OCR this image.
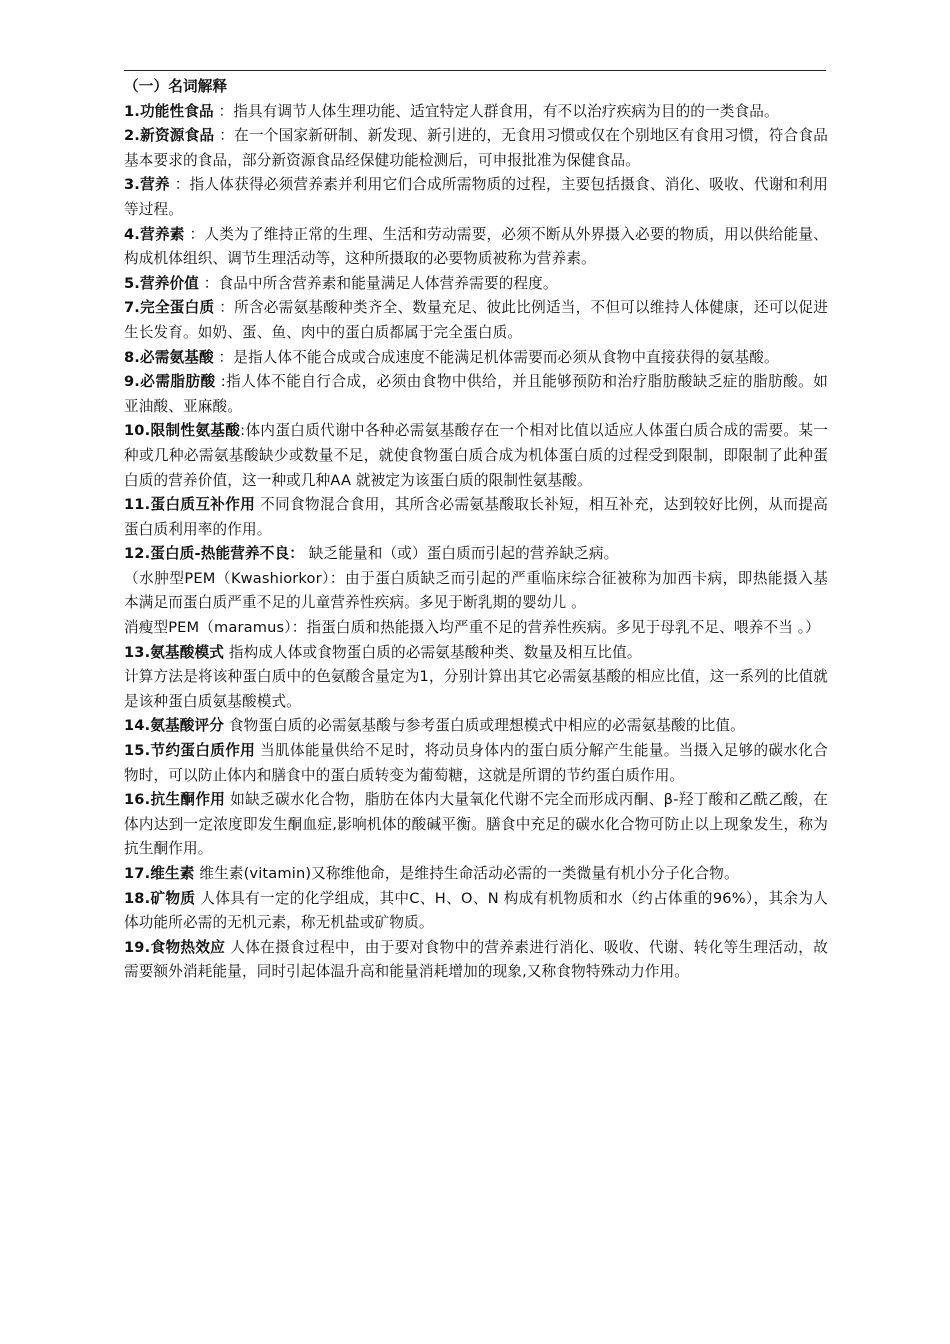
（一）名词解释

1.功能性食品 ：指具有调节人体生理功能、适宜特定人群食用，有不以治疗疾病为目的的一类食品。

2.新资源食品 ：在一个国家新研制、新发现、新引进的，无食用习惯或仅在个别地区有食用习惯，符合食品基本要求的食品，部分新资源食品经保健功能检测后，可申报批准为保健食品。

3.营养 ：指人体获得必须营养素并利用它们合成所需物质的过程，主要包括摄食、消化、吸收、代谢和利用等过程。

4.营养素 ：人类为了维持正常的生理、生活和劳动需要，必须不断从外界摄入必要的物质，用以供给能量、构成机体组织、调节生理活动等，这种所摄取的必要物质被称为营养素。

5.营养价值 ：食品中所含营养素和能量满足人体营养需要的程度。

7.完全蛋白质 ：所含必需氨基酸种类齐全、数量充足、彼此比例适当，不但可以维持人体健康，还可以促进生长发育。如奶、蛋、鱼、肉中的蛋白质都属于完全蛋白质。

8.必需氨基酸 ：是指人体不能合成或合成速度不能满足机体需要而必须从食物中直接获得的氨基酸。

9.必需脂肪酸 :指人体不能自行合成，必须由食物中供给，并且能够预防和治疗脂肪酸缺乏症的脂肪酸。如亚油酸、亚麻酸。

10.限制性氨基酸:体内蛋白质代谢中各种必需氨基酸存在一个相对比值以适应人体蛋白质合成的需要。某一种或几种必需氨基酸缺少或数量不足，就使食物蛋白质合成为机体蛋白质的过程受到限制，即限制了此种蛋白质的营养价值，这一种或几种AA 就被定为该蛋白质的限制性氨基酸。

11.蛋白质互补作用 不同食物混合食用，其所含必需氨基酸取长补短，相互补充，达到较好比例，从而提高蛋白质利用率的作用。

12.蛋白质-热能营养不良： 缺乏能量和（或）蛋白质而引起的营养缺乏病。

（水肿型PEM（Kwashiorkor）：由于蛋白质缺乏而引起的严重临床综合征被称为加西卡病，即热能摄入基本满足而蛋白质严重不足的儿童营养性疾病。多见于断乳期的婴幼儿 。

消瘦型PEM（maramus）：指蛋白质和热能摄入均严重不足的营养性疾病。多见于母乳不足、喂养不当 。）

13.氨基酸模式 指构成人体或食物蛋白质的必需氨基酸种类、数量及相互比值。

计算方法是将该种蛋白质中的色氨酸含量定为1，分别计算出其它必需氨基酸的相应比值，这一系列的比值就是该种蛋白质氨基酸模式。

14.氨基酸评分 食物蛋白质的必需氨基酸与参考蛋白质或理想模式中相应的必需氨基酸的比值。

15.节约蛋白质作用 当肌体能量供给不足时，将动员身体内的蛋白质分解产生能量。当摄入足够的碳水化合物时，可以防止体内和膳食中的蛋白质转变为葡萄糖，这就是所谓的节约蛋白质作用。

16.抗生酮作用 如缺乏碳水化合物，脂肪在体内大量氧化代谢不完全而形成丙酮、β-羟丁酸和乙酰乙酸，在体内达到一定浓度即发生酮血症,影响机体的酸碱平衡。膳食中充足的碳水化合物可防止以上现象发生，称为抗生酮作用。

17.维生素 维生素(vitamin)又称维他命，是维持生命活动必需的一类微量有机小分子化合物。

18.矿物质 人体具有一定的化学组成，其中C、H、O、N 构成有机物质和水（约占体重的96%），其余为人体功能所必需的无机元素，称无机盐或矿物质。

19.食物热效应 人体在摄食过程中，由于要对食物中的营养素进行消化、吸收、代谢、转化等生理活动，故需要额外消耗能量，同时引起体温升高和能量消耗增加的现象,又称食物特殊动力作用。
